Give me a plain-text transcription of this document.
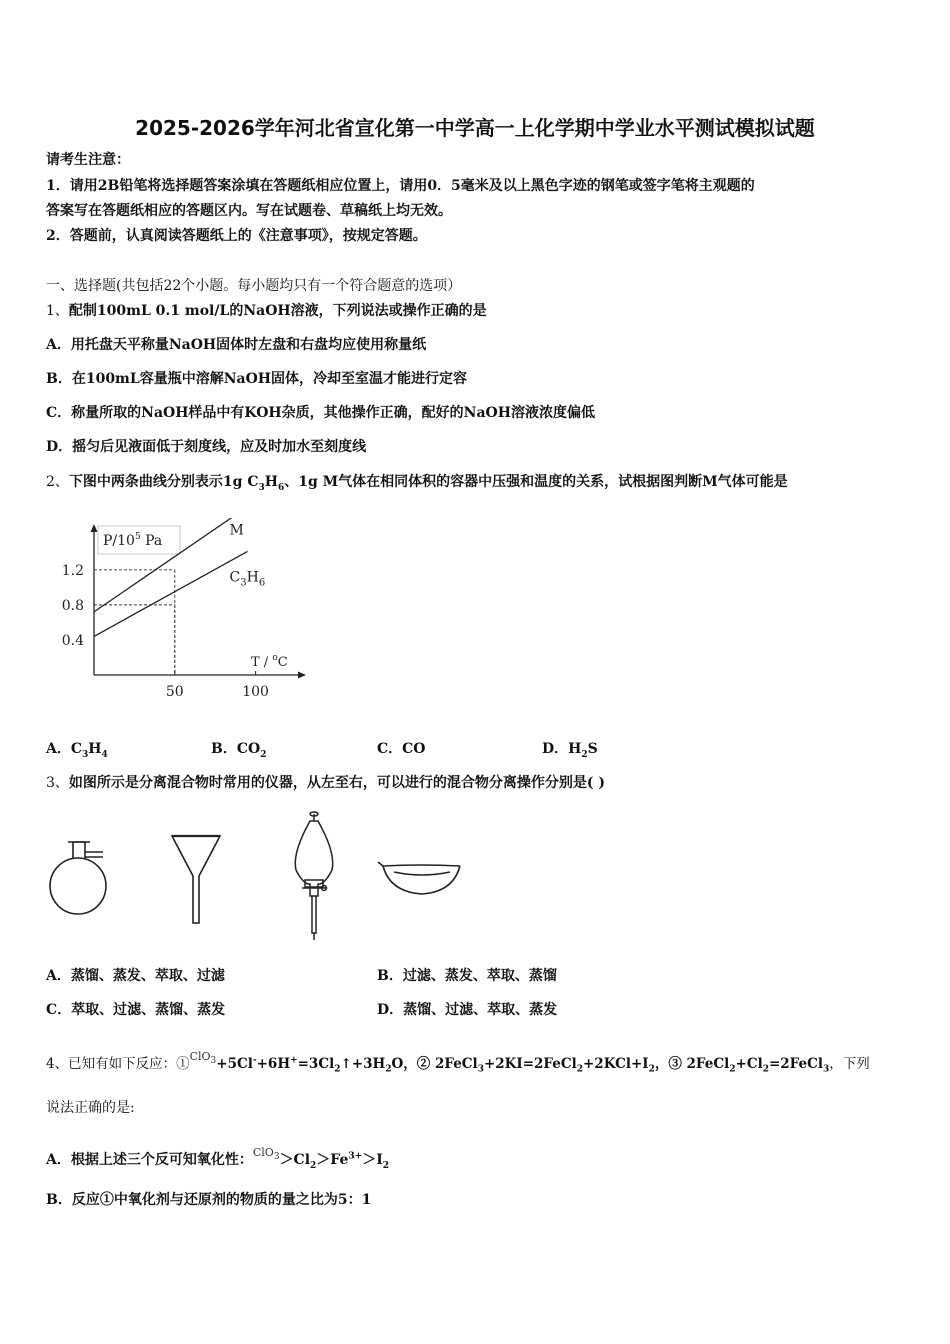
2025-2026学年河北省宣化第一中学高一上化学期中学业水平测试模拟试题
请考生注意：
1．请用2B铅笔将选择题答案涂填在答题纸相应位置上，请用0．5毫米及以上黑色字迹的钢笔或签字笔将主观题的
答案写在答题纸相应的答题区内。写在试题卷、草稿纸上均无效。
2．答题前，认真阅读答题纸上的《注意事项》，按规定答题。
一、选择题(共包括22个小题。每小题均只有一个符合题意的选项）
1、配制100mL 0.1 mol/L的NaOH溶液，下列说法或操作正确的是
A．用托盘天平称量NaOH固体时左盘和右盘均应使用称量纸
B．在100mL容量瓶中溶解NaOH固体，冷却至室温才能进行定容
C．称量所取的NaOH样品中有KOH杂质，其他操作正确，配好的NaOH溶液浓度偏低
D．摇匀后见液面低于刻度线，应及时加水至刻度线
2、下图中两条曲线分别表示1g $C_3H_6$、1g M气体在相同体积的容器中压强和温度的关系，试根据图判断M气体可能是
$P/10^5$ Pa
T / $^o$C
0.4
0.8
1.2
50	100
M
$C_3H_6$
A．$C_3H_4$	B．$CO_2$	C．CO	D．$H_2S$
3、如图所示是分离混合物时常用的仪器，从左至右，可以进行的混合物分离操作分别是( )
A．蒸馏、蒸发、萃取、过滤	B．过滤、蒸发、萃取、蒸馏
C．萃取、过滤、蒸馏、蒸发	D．蒸馏、过滤、萃取、蒸发
4、已知有如下反应：$①^{ClO_3}+5Cl^-+6H^+=3Cl_2↑+3H_2O$，② $2FeCl_3+2KI=2FeCl_2+2KCl+I_2$，③ $2FeCl_2+Cl_2=2FeCl_3$，下列
说法正确的是:
A．根据上述三个反可知氧化性：$^{ClO_3}>Cl_2>Fe^{3+}>I_2$
B．反应①中氧化剂与还原剂的物质的量之比为5：1
